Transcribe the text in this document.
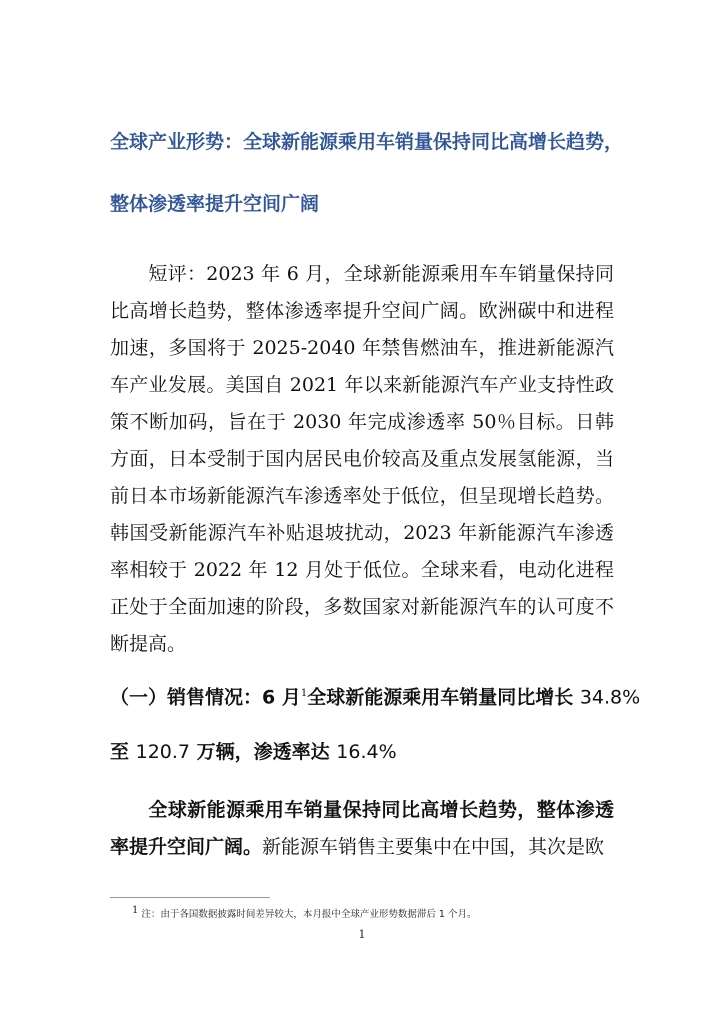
全球产业形势：全球新能源乘用车销量保持同比高增长趋势，
整体渗透率提升空间广阔

短评：2023 年 6 月，全球新能源乘用车车销量保持同比高增长趋势，整体渗透率提升空间广阔。欧洲碳中和进程加速，多国将于 2025-2040 年禁售燃油车，推进新能源汽车产业发展。美国自 2021 年以来新能源汽车产业支持性政策不断加码，旨在于 2030 年完成渗透率 50％目标。日韩方面，日本受制于国内居民电价较高及重点发展氢能源，当前日本市场新能源汽车渗透率处于低位，但呈现增长趋势。韩国受新能源汽车补贴退坡扰动，2023 年新能源汽车渗透率相较于 2022 年 12 月处于低位。全球来看，电动化进程正处于全面加速的阶段，多数国家对新能源汽车的认可度不断提高。

（一）销售情况：6 月$^1$全球新能源乘用车销量同比增长 34.8%
至 120.7 万辆，渗透率达 16.4%

全球新能源乘用车销量保持同比高增长趋势，整体渗透率提升空间广阔。新能源车销售主要集中在中国，其次是欧

1 注：由于各国数据披露时间差异较大，本月报中全球产业形势数据滞后 1 个月。
1
